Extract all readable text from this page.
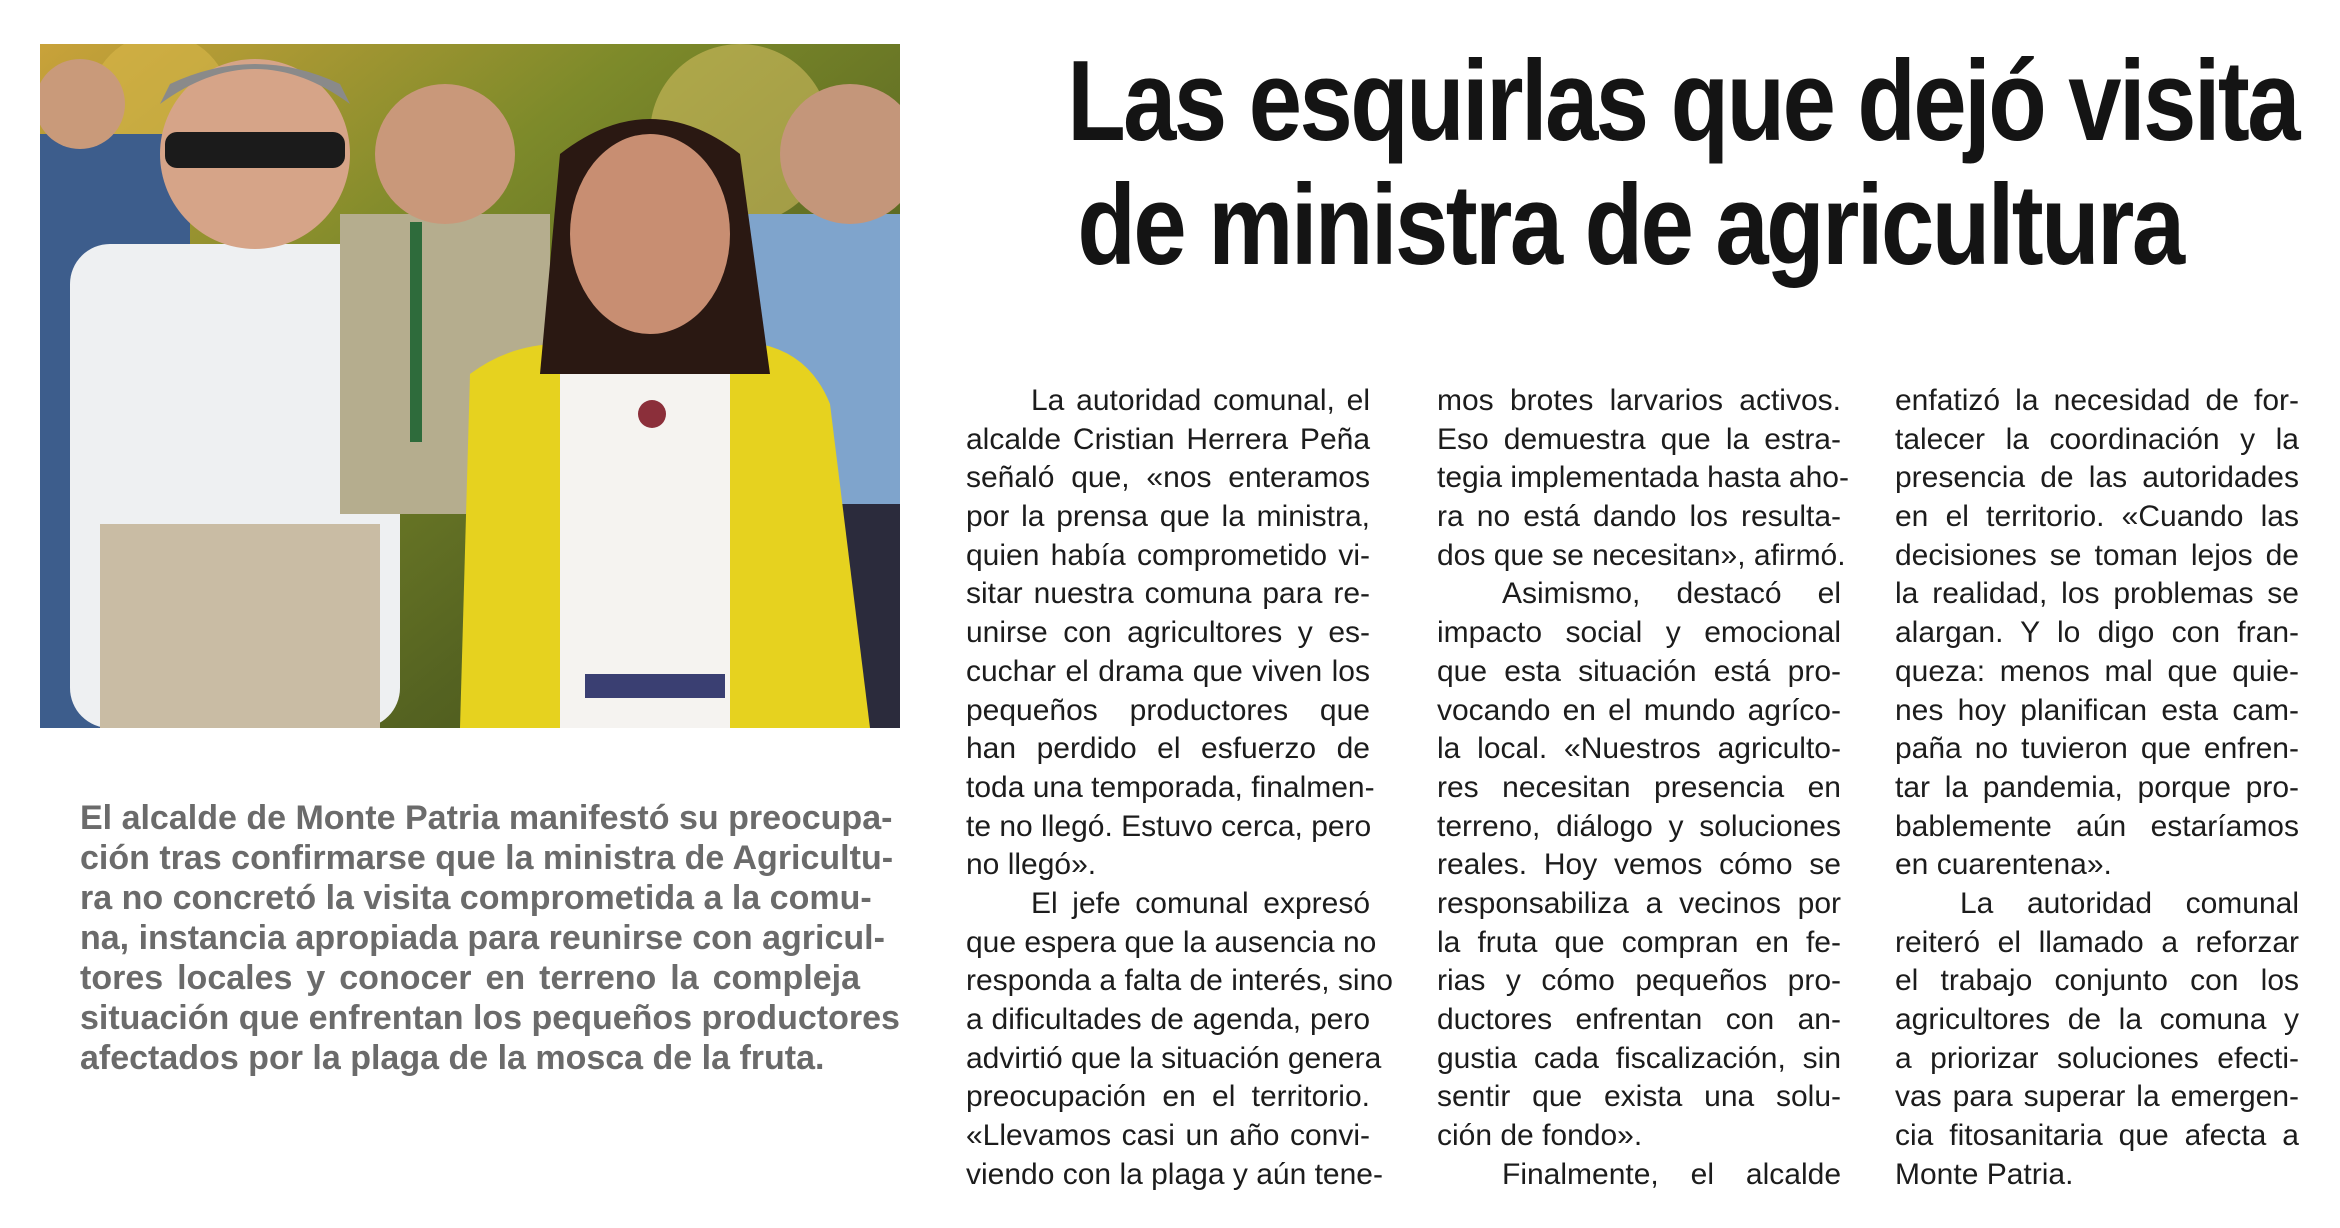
El alcalde de Monte Patria manifestó su preocupa-
ción tras confirmarse que la ministra de Agricultu-
ra no concretó la visita comprometida a la comu-
na, instancia apropiada para reunirse con agricul-
tores locales y conocer en terreno la compleja
situación que enfrentan los pequeños productores
afectados por la plaga de la mosca de la fruta.
Las esquirlas que dejó visita
de ministra de agricultura
La autoridad comunal, el
alcalde Cristian Herrera Peña
señaló que, «nos enteramos
por la prensa que la ministra,
quien había comprometido vi-
sitar nuestra comuna para re-
unirse con agricultores y es-
cuchar el drama que viven los
pequeños productores que
han perdido el esfuerzo de
toda una temporada, finalmen-
te no llegó. Estuvo cerca, pero
no llegó».
El jefe comunal expresó
que espera que la ausencia no
responda a falta de interés, sino
a dificultades de agenda, pero
advirtió que la situación genera
preocupación en el territorio.
«Llevamos casi un año convi-
viendo con la plaga y aún tene-
mos brotes larvarios activos.
Eso demuestra que la estra-
tegia implementada hasta aho-
ra no está dando los resulta-
dos que se necesitan», afirmó.
Asimismo, destacó el
impacto social y emocional
que esta situación está pro-
vocando en el mundo agríco-
la local. «Nuestros agriculto-
res necesitan presencia en
terreno, diálogo y soluciones
reales. Hoy vemos cómo se
responsabiliza a vecinos por
la fruta que compran en fe-
rias y cómo pequeños pro-
ductores enfrentan con an-
gustia cada fiscalización, sin
sentir que exista una solu-
ción de fondo».
Finalmente, el alcalde
enfatizó la necesidad de for-
talecer la coordinación y la
presencia de las autoridades
en el territorio. «Cuando las
decisiones se toman lejos de
la realidad, los problemas se
alargan. Y lo digo con fran-
queza: menos mal que quie-
nes hoy planifican esta cam-
paña no tuvieron que enfren-
tar la pandemia, porque pro-
bablemente aún estaríamos
en cuarentena».
La autoridad comunal
reiteró el llamado a reforzar
el trabajo conjunto con los
agricultores de la comuna y
a priorizar soluciones efecti-
vas para superar la emergen-
cia fitosanitaria que afecta a
Monte Patria.
